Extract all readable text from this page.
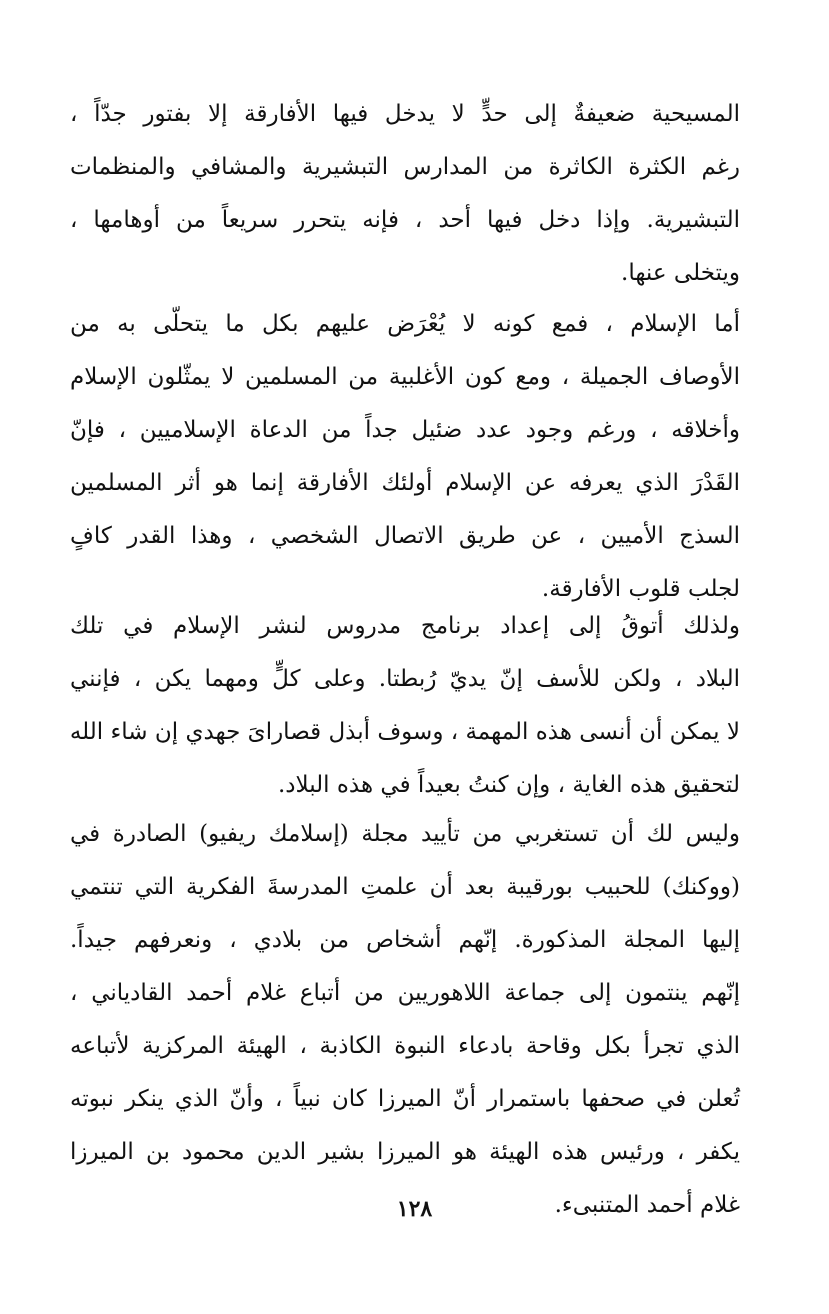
المسيحية ضعيفةٌ إلى حدٍّ لا يدخل فيها الأفارقة إلا بفتور جدّاً ،
رغم الكثرة الكاثرة من المدارس التبشيرية والمشافي والمنظمات
التبشيرية. وإذا دخل فيها أحد ، فإنه يتحرر سريعاً من أوهامها ،
ويتخلى عنها.
أما الإسلام ، فمع كونه لا يُعْرَض عليهم بكل ما يتحلّى به من
الأوصاف الجميلة ، ومع كون الأغلبية من المسلمين لا يمثّلون الإسلام
وأخلاقه ، ورغم وجود عدد ضئيل جداً من الدعاة الإسلاميين ، فإنّ
القَدْرَ الذي يعرفه عن الإسلام أولئك الأفارقة إنما هو أثر المسلمين
السذج الأميين ، عن طريق الاتصال الشخصي ، وهذا القدر كافٍ
لجلب قلوب الأفارقة.
ولذلك أتوقُ إلى إعداد برنامج مدروس لنشر الإسلام في تلك
البلاد ، ولكن للأسف إنّ يديّ رُبطتا. وعلى كلٍّ ومهما يكن ، فإنني
لا يمكن أن أنسى هذه المهمة ، وسوف أبذل قصاراىَ جهدي إن شاء الله
لتحقيق هذه الغاية ، وإن كنتُ بعيداً في هذه البلاد.
وليس لك أن تستغربي من تأييد مجلة (إسلامك ريفيو) الصادرة في
(ووكنك) للحبيب بورقيبة بعد أن علمتِ المدرسةَ الفكرية التي تنتمي
إليها المجلة المذكورة. إنّهم أشخاص من بلادي ، ونعرفهم جيداً.
إنّهم ينتمون إلى جماعة اللاهوريين من أتباع غلام أحمد القادياني ،
الذي تجرأ بكل وقاحة بادعاء النبوة الكاذبة ، الهيئة المركزية لأتباعه
تُعلن في صحفها باستمرار أنّ الميرزا كان نبياً ، وأنّ الذي ينكر نبوته
يكفر ، ورئيس هذه الهيئة هو الميرزا بشير الدين محمود بن الميرزا
غلام أحمد المتنبىء.
١٢٨
